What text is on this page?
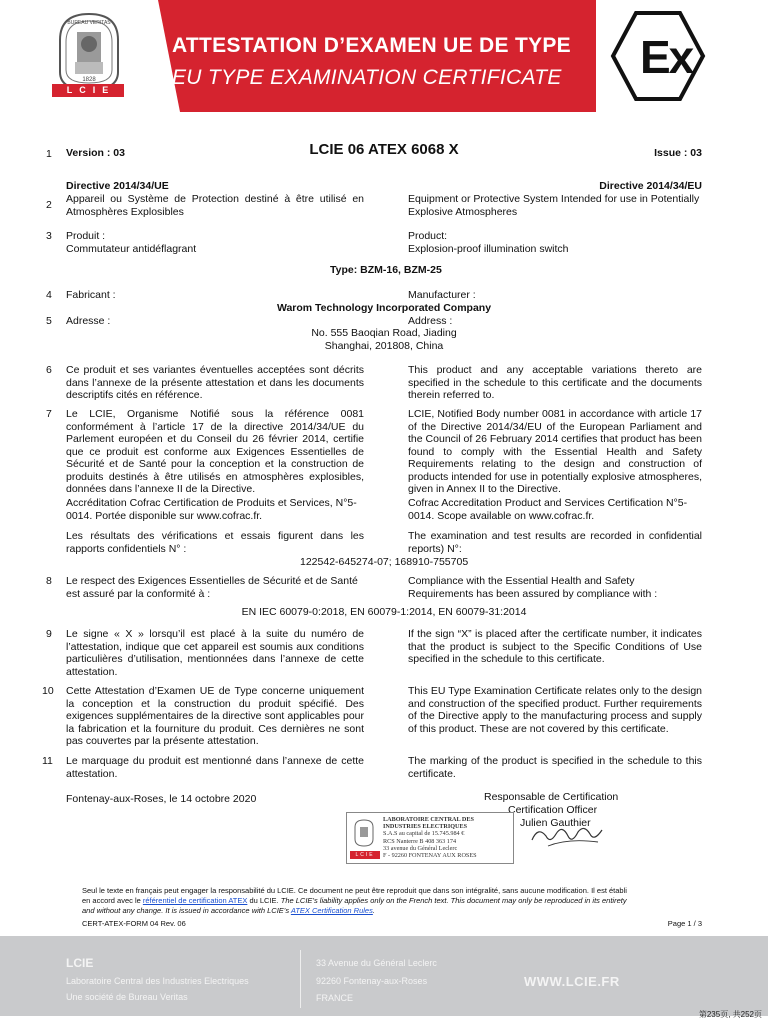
BUREAU VERITAS
1828
LCIE
ATTESTATION D’EXAMEN UE DE TYPE
EU TYPE EXAMINATION CERTIFICATE Ex
1 Version : 03	LCIE 06 ATEX 6068 X	Issue : 03
Directive 2014/34/UE
2 Appareil ou Système de Protection destiné à être utilisé en Atmosphères Explosibles
Directive 2014/34/EU
Equipment or Protective System Intended for use in Potentially Explosive Atmospheres
3 Produit :
Commutateur antidéflagrant
Product:
Explosion-proof illumination switch
Type: BZM-16, BZM-25
4 Fabricant :	Manufacturer :
Warom Technology Incorporated Company
5 Adresse :	Address :
No. 555 Baoqian Road, Jiading
Shanghai, 201808, China
6 Ce produit et ses variantes éventuelles acceptées sont décrits dans l’annexe de la présente attestation et dans les documents descriptifs cités en référence.
This product and any acceptable variations thereto are specified in the schedule to this certificate and the documents therein referred to.
7 Le LCIE, Organisme Notifié sous la référence 0081 conformément à l’article 17 de la directive 2014/34/UE du Parlement européen et du Conseil du 26 février 2014, certifie que ce produit est conforme aux Exigences Essentielles de Sécurité et de Santé pour la conception et la construction de produits destinés à être utilisés en atmosphères explosibles, données dans l’annexe II de la Directive.
Accréditation Cofrac Certification de Produits et Services, N°5-0014. Portée disponible sur www.cofrac.fr.
LCIE, Notified Body number 0081 in accordance with article 17 of the Directive 2014/34/EU of the European Parliament and the Council of 26 February 2014 certifies that product has been found to comply with the Essential Health and Safety Requirements relating to the design and construction of products intended for use in potentially explosive atmospheres, given in Annex II to the Directive.
Cofrac Accreditation Product and Services Certification N°5-0014. Scope available on www.cofrac.fr.
Les résultats des vérifications et essais figurent dans les rapports confidentiels N° :
The examination and test results are recorded in confidential reports) N°:
122542-645274-07; 168910-755705
8 Le respect des Exigences Essentielles de Sécurité et de Santé est assuré par la conformité à :
Compliance with the Essential Health and Safety Requirements has been assured by compliance with :
EN IEC 60079-0:2018, EN 60079-1:2014, EN 60079-31:2014
9 Le signe « X » lorsqu’il est placé à la suite du numéro de l’attestation, indique que cet appareil est soumis aux conditions particulières d’utilisation, mentionnées dans l’annexe de cette attestation.
If the sign “X” is placed after the certificate number, it indicates that the product is subject to the Specific Conditions of Use specified in the schedule to this certificate.
10 Cette Attestation d’Examen UE de Type concerne uniquement la conception et la construction du produit spécifié. Des exigences supplémentaires de la directive sont applicables pour la fabrication et la fourniture du produit. Ces dernières ne sont pas couvertes par la présente attestation.
This EU Type Examination Certificate relates only to the design and construction of the specified product. Further requirements of the Directive apply to the manufacturing process and supply of this product. These are not covered by this certificate.
11 Le marquage du produit est mentionné dans l’annexe de cette attestation.
The marking of the product is specified in the schedule to this certificate.
Fontenay-aux-Roses, le 14 octobre 2020	Responsable de Certification
Certification Officer
Julien Gauthier
LCIE
LABORATOIRE CENTRAL DES
INDUSTRIES ELECTRIQUES
S.A.S au capital de 15.745.984 €
RCS Nanterre B 408 363 174
33 avenue du Général Leclerc
F - 92260 FONTENAY AUX ROSES
Seul le texte en français peut engager la responsabilité du LCIE. Ce document ne peut être reproduit que dans son intégralité, sans aucune modification. Il est établi
en accord avec le référentiel de certification ATEX du LCIE. The LCIE’s liability applies only on the French text. This document may only be reproduced in its entirety
and without any change. It is issued in accordance with LCIE’s ATEX Certification Rules.
CERT-ATEX-FORM 04 Rev. 06	Page 1 / 3
LCIE
Laboratoire Central des Industries Electriques
Une société de Bureau Veritas
33 Avenue du Général Leclerc
92260 Fontenay-aux-Roses
FRANCE
WWW.LCIE.FR
第235页, 共252页
